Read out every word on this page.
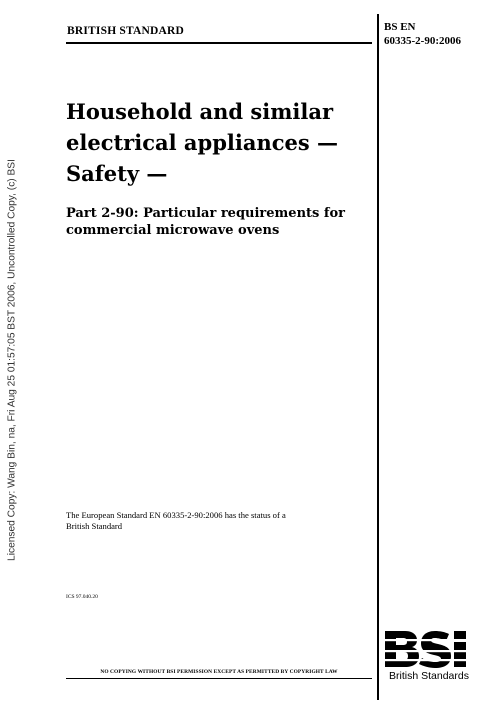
Licensed Copy: Wang Bin, na, Fri Aug 25 01:57:05 BST 2006, Uncontrolled Copy, (c) BSI
BRITISH STANDARD	BS EN
60335-2-90:2006
Household and similar
electrical appliances —
Safety —
Part 2-90: Particular requirements for
commercial microwave ovens
The European Standard EN 60335-2-90:2006 has the status of a
British Standard
ICS 97.040.20
NO COPYING WITHOUT BSI PERMISSION EXCEPT AS PERMITTED BY COPYRIGHT LAW	British Standards
